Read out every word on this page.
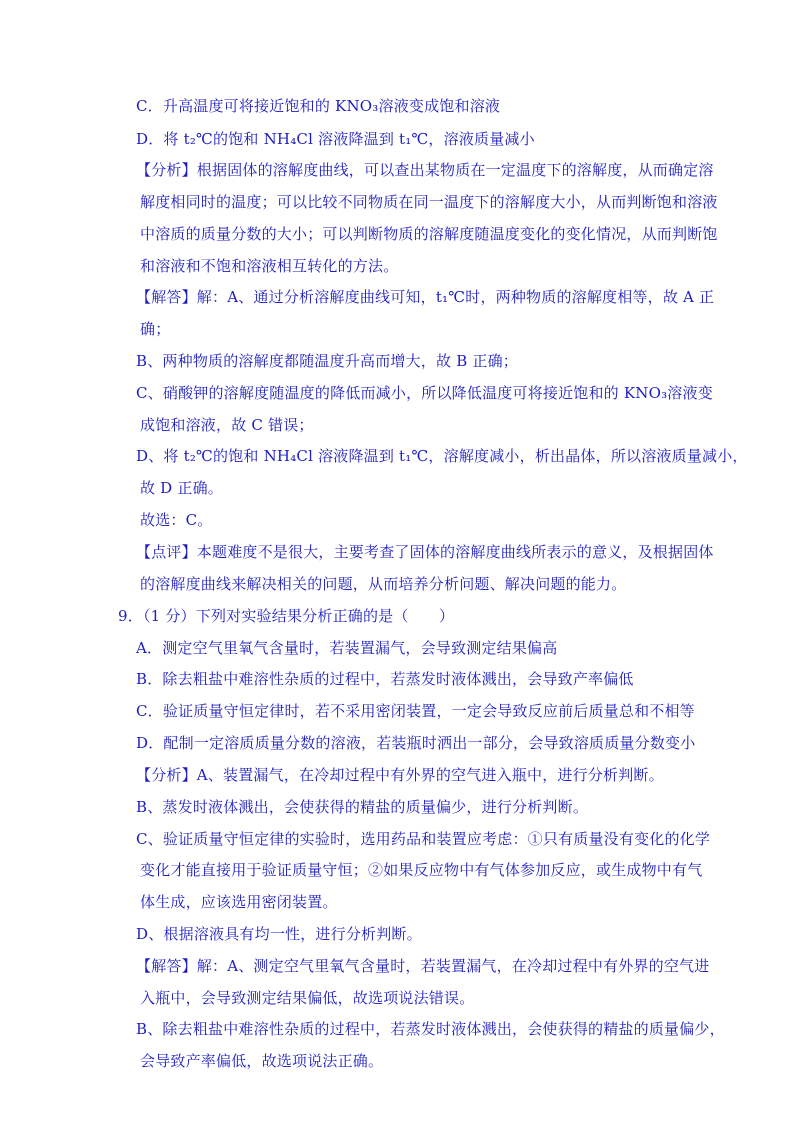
C．升高温度可将接近饱和的 KNO₃溶液变成饱和溶液
D．将 t₂℃的饱和 NH₄Cl 溶液降温到 t₁℃，溶液质量减小
【分析】根据固体的溶解度曲线，可以查出某物质在一定温度下的溶解度，从而确定溶
解度相同时的温度；可以比较不同物质在同一温度下的溶解度大小，从而判断饱和溶液
中溶质的质量分数的大小；可以判断物质的溶解度随温度变化的变化情况，从而判断饱
和溶液和不饱和溶液相互转化的方法。
【解答】解：A、通过分析溶解度曲线可知，t₁℃时，两种物质的溶解度相等，故 A 正
确；
B、两种物质的溶解度都随温度升高而增大，故 B 正确；
C、硝酸钾的溶解度随温度的降低而减小，所以降低温度可将接近饱和的 KNO₃溶液变
成饱和溶液，故 C 错误；
D、将 t₂℃的饱和 NH₄Cl 溶液降温到 t₁℃，溶解度减小，析出晶体，所以溶液质量减小，
故 D 正确。
故选：C。
【点评】本题难度不是很大，主要考查了固体的溶解度曲线所表示的意义，及根据固体
的溶解度曲线来解决相关的问题，从而培养分析问题、解决问题的能力。
9．（1 分）下列对实验结果分析正确的是（　　）
A．测定空气里氧气含量时，若装置漏气，会导致测定结果偏高
B．除去粗盐中难溶性杂质的过程中，若蒸发时液体溅出，会导致产率偏低
C．验证质量守恒定律时，若不采用密闭装置，一定会导致反应前后质量总和不相等
D．配制一定溶质质量分数的溶液，若装瓶时洒出一部分，会导致溶质质量分数变小
【分析】A、装置漏气，在冷却过程中有外界的空气进入瓶中，进行分析判断。
B、蒸发时液体溅出，会使获得的精盐的质量偏少，进行分析判断。
C、验证质量守恒定律的实验时，选用药品和装置应考虑：①只有质量没有变化的化学
变化才能直接用于验证质量守恒；②如果反应物中有气体参加反应，或生成物中有气
体生成，应该选用密闭装置。
D、根据溶液具有均一性，进行分析判断。
【解答】解：A、测定空气里氧气含量时，若装置漏气，在冷却过程中有外界的空气进
入瓶中，会导致测定结果偏低，故选项说法错误。
B、除去粗盐中难溶性杂质的过程中，若蒸发时液体溅出，会使获得的精盐的质量偏少，
会导致产率偏低，故选项说法正确。
